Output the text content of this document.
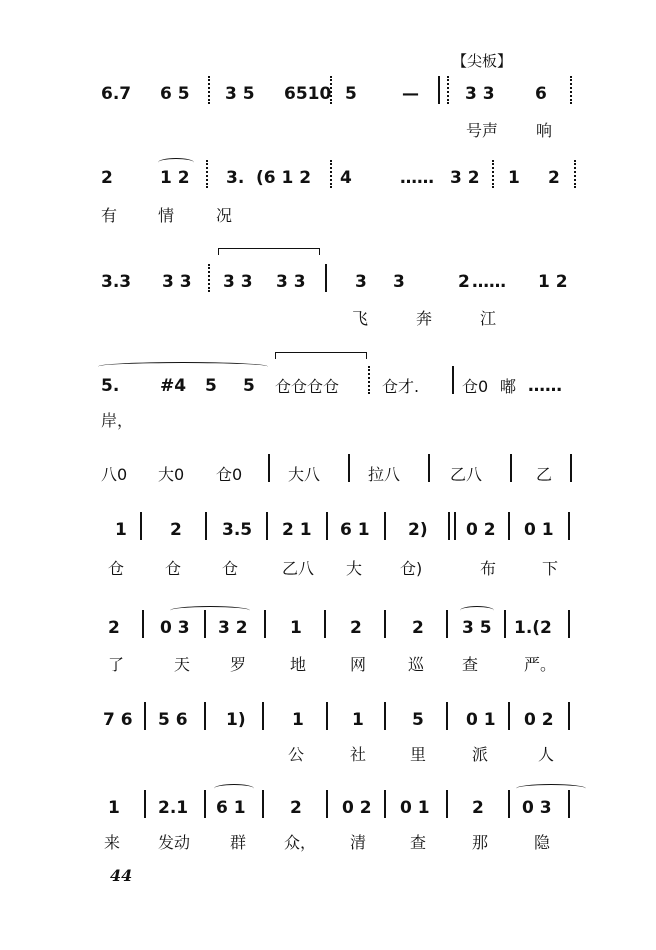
【尖板】
6.7 6 5 3 5 6510 5	—	3 3 6
号声 响
2	1 2 3. (6 1 2 4	…… 3 2 1 2
有	情	况
3.3 3 3 3 3 3 3	3 3	2 …… 1 2
飞	奔	江
5. #4 5 5 仓仓仓仓	仓才.	仓0 嘟 ……
岸，
八0 大0 仓0	大八	拉八	乙八	乙
1	2 3.5 2 1 6 1 2) 0 2 0 1
仓	仓	仓	乙八 大 仓)	布	下
2 0 3 3 2 1	2	2 3 5 1.(2
了	天 罗	地	网	巡 查	严。
7 6 5 6 1)	1	1	5 0 1 0 2
公	社	里	派	人
1 2.1 6 1	2 0 2 0 1 2 0 3
来 发动 群 众， 清	查	那	隐
44
